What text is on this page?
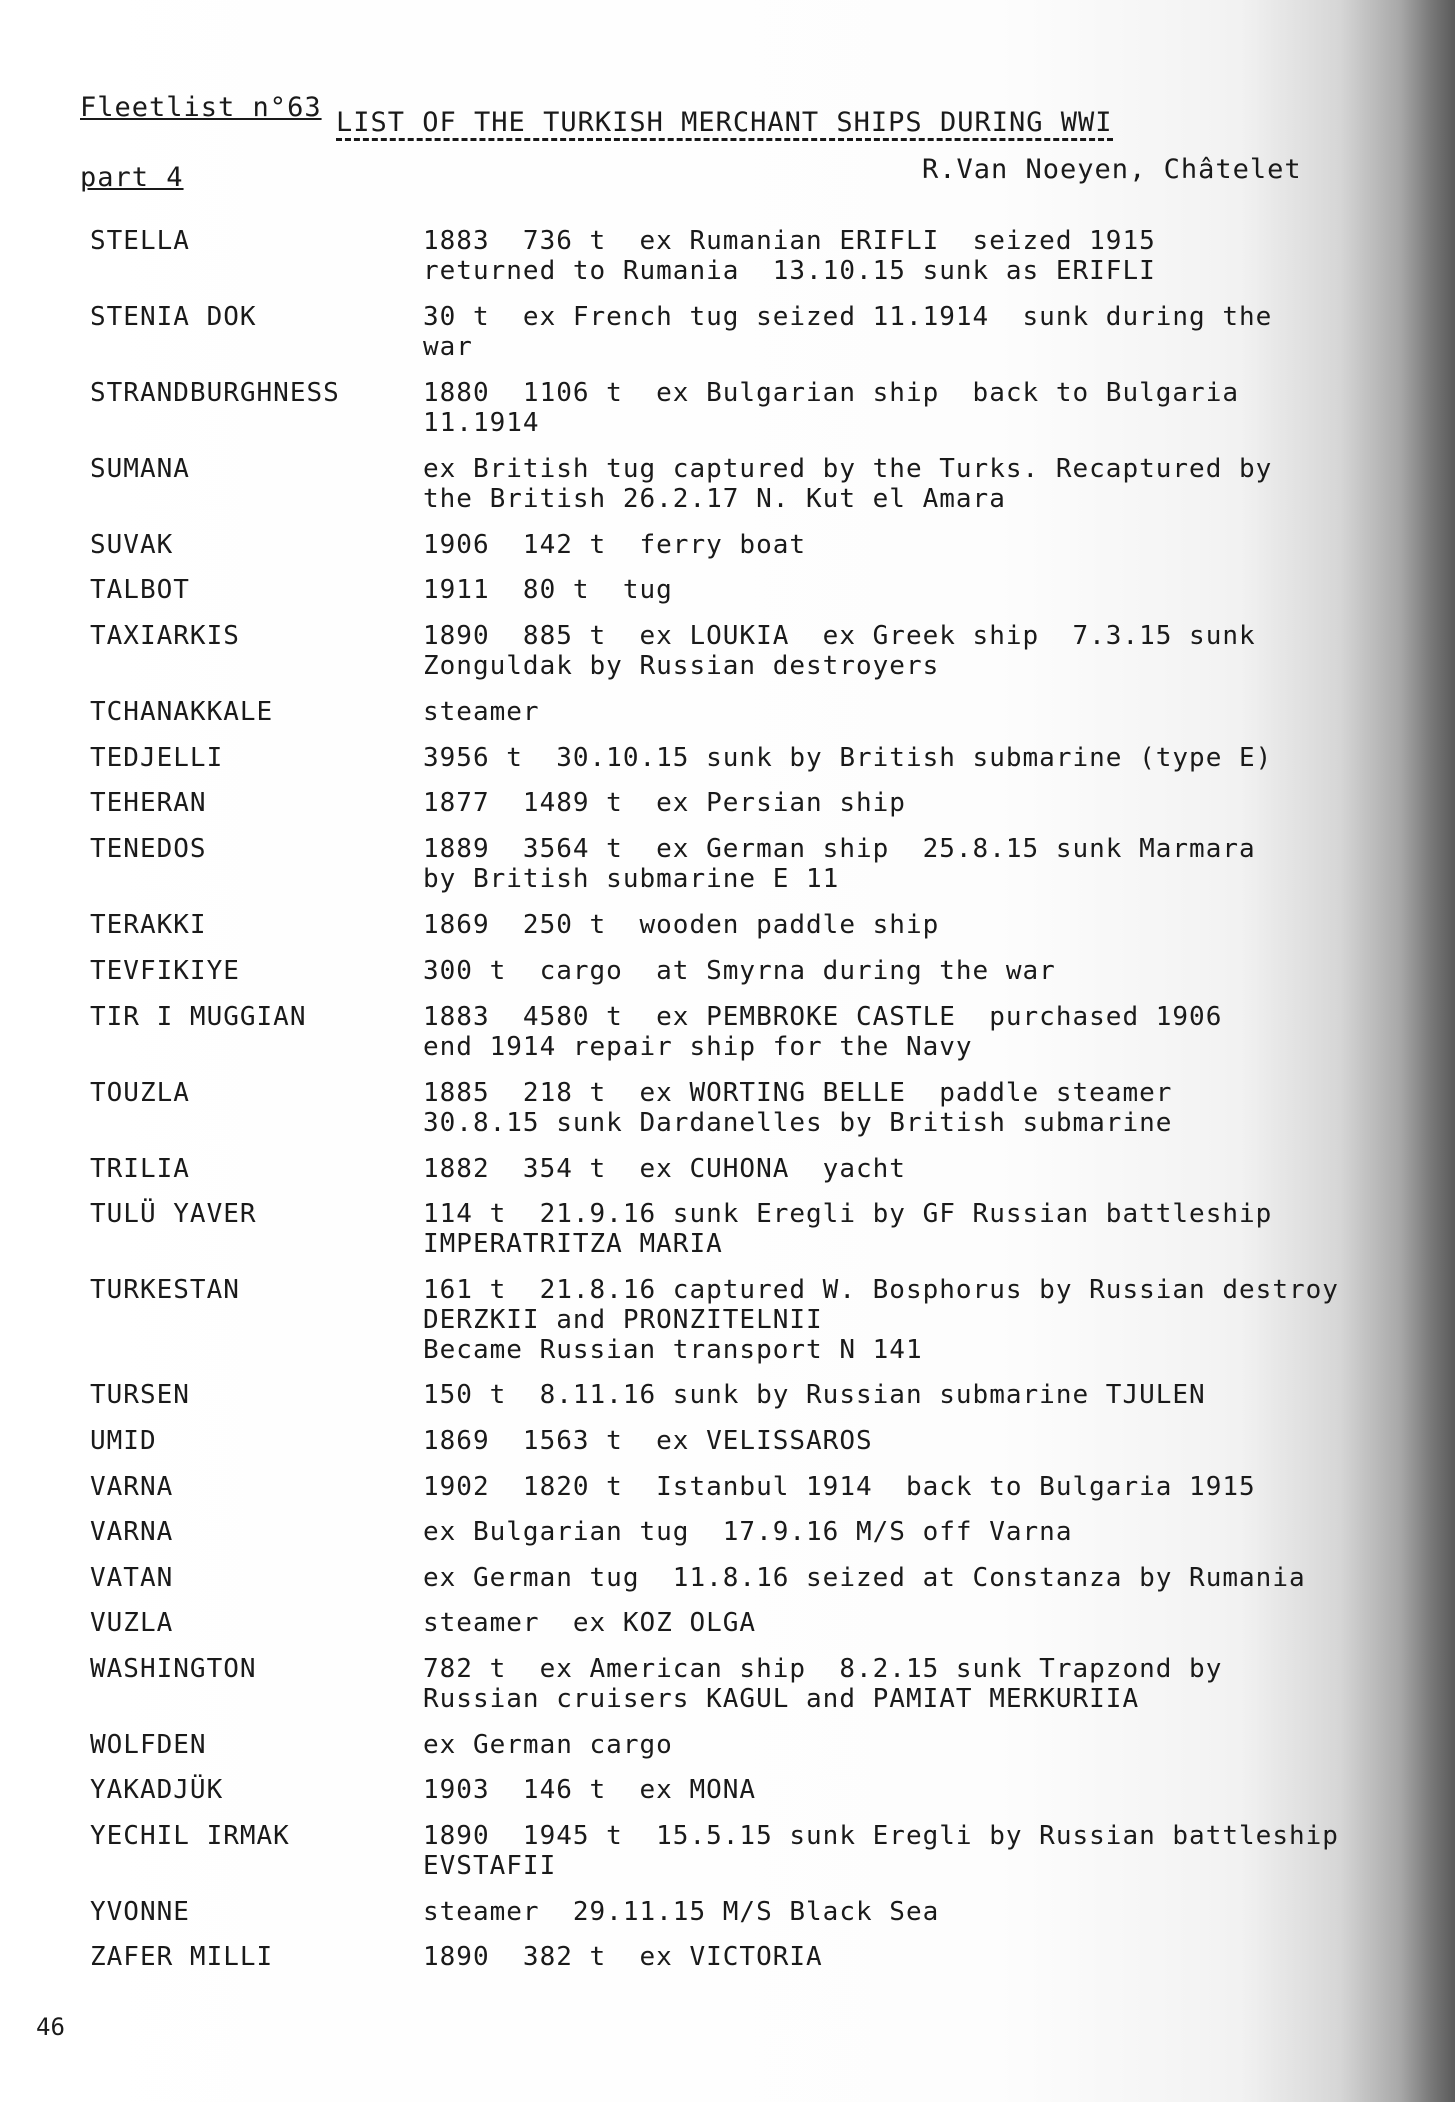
Fleetlist n°63 LIST OF THE TURKISH MERCHANT SHIPS DURING WWI
part 4	R.Van Noeyen, Châtelet
STELLA	1883  736 t  ex Rumanian ERIFLI  seized 1915
returned to Rumania  13.10.15 sunk as ERIFLI
STENIA DOK	30 t  ex French tug seized 11.1914  sunk during the
war
STRANDBURGHNESS	1880  1106 t  ex Bulgarian ship  back to Bulgaria
11.1914
SUMANA	ex British tug captured by the Turks. Recaptured by
the British 26.2.17 N. Kut el Amara
SUVAK	1906  142 t  ferry boat
TALBOT	1911  80 t  tug
TAXIARKIS	1890  885 t  ex LOUKIA  ex Greek ship  7.3.15 sunk
Zonguldak by Russian destroyers
TCHANAKKALE	steamer
TEDJELLI	3956 t  30.10.15 sunk by British submarine (type E)
TEHERAN	1877  1489 t  ex Persian ship
TENEDOS	1889  3564 t  ex German ship  25.8.15 sunk Marmara
by British submarine E 11
TERAKKI	1869  250 t  wooden paddle ship
TEVFIKIYE	300 t  cargo  at Smyrna during the war
TIR I MUGGIAN	1883  4580 t  ex PEMBROKE CASTLE  purchased 1906
end 1914 repair ship for the Navy
TOUZLA	1885  218 t  ex WORTING BELLE  paddle steamer
30.8.15 sunk Dardanelles by British submarine
TRILIA	1882  354 t  ex CUHONA  yacht
TULÜ YAVER	114 t  21.9.16 sunk Eregli by GF Russian battleship
IMPERATRITZA MARIA
TURKESTAN	161 t  21.8.16 captured W. Bosphorus by Russian destroy
DERZKII and PRONZITELNII
Became Russian transport N 141
TURSEN	150 t  8.11.16 sunk by Russian submarine TJULEN
UMID	1869  1563 t  ex VELISSAROS
VARNA	1902  1820 t  Istanbul 1914  back to Bulgaria 1915
VARNA	ex Bulgarian tug  17.9.16 M/S off Varna
VATAN	ex German tug  11.8.16 seized at Constanza by Rumania
VUZLA	steamer  ex KOZ OLGA
WASHINGTON	782 t  ex American ship  8.2.15 sunk Trapzond by
Russian cruisers KAGUL and PAMIAT MERKURIIA
WOLFDEN	ex German cargo
YAKADJÜK	1903  146 t  ex MONA
YECHIL IRMAK	1890  1945 t  15.5.15 sunk Eregli by Russian battleship
EVSTAFII
YVONNE	steamer  29.11.15 M/S Black Sea
ZAFER MILLI	1890  382 t  ex VICTORIA
46
